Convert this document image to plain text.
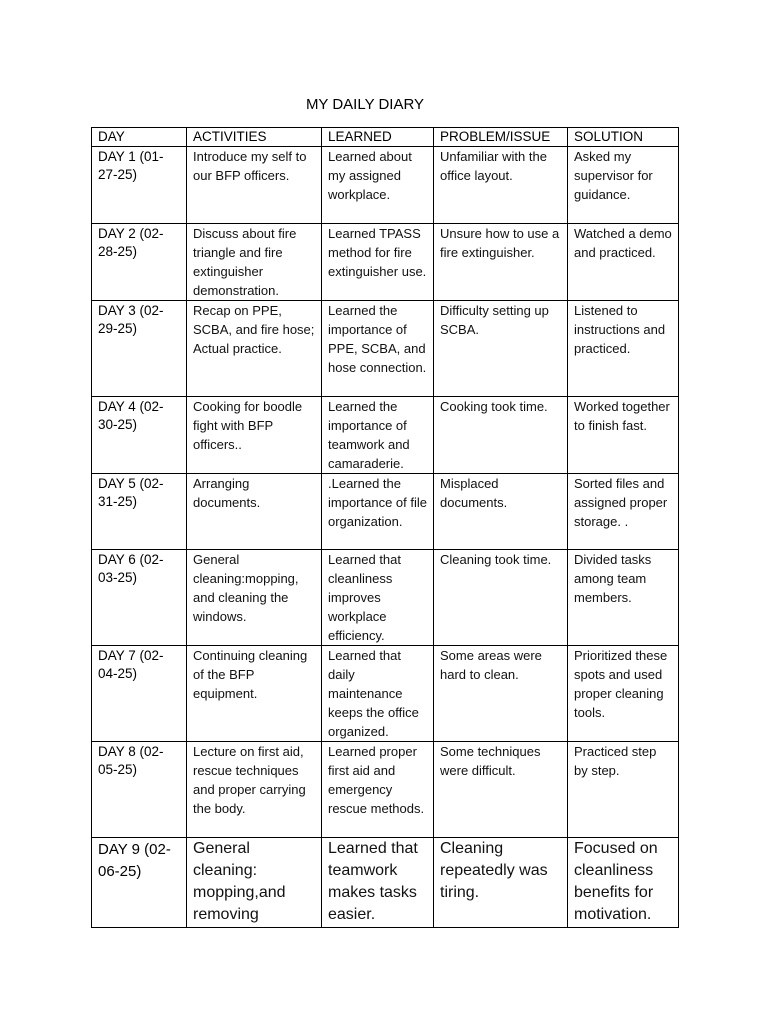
MY DAILY DIARY
DAY	ACTIVITIES	LEARNED	PROBLEM/ISSUE	SOLUTION
DAY 1 (01-27-25)	Introduce my self to our BFP officers.	Learned about my assigned workplace.	Unfamiliar with the office layout.	Asked my supervisor for guidance.
DAY 2 (02-28-25)	Discuss about fire triangle and fire extinguisher demonstration.	Learned TPASS method for fire extinguisher use.	Unsure how to use a fire extinguisher.	Watched a demo and practiced.
DAY 3 (02-29-25)	Recap on PPE, SCBA, and fire hose; Actual practice.	Learned the importance of PPE, SCBA, and hose connection.	Difficulty setting up SCBA.	Listened to instructions and practiced.
DAY 4 (02-30-25)	Cooking for boodle fight with BFP officers..	Learned the importance of teamwork and camaraderie.	Cooking took time.	Worked together to finish fast.
DAY 5 (02-31-25)	Arranging documents.	.Learned the importance of file organization.	Misplaced documents.	Sorted files and assigned proper storage. .
DAY 6 (02-03-25)	General cleaning:mopping, and cleaning the windows.	Learned that cleanliness improves workplace efficiency.	Cleaning took time.	Divided tasks among team members.
DAY 7 (02-04-25)	Continuing cleaning of the BFP equipment.	Learned that daily maintenance keeps the office organized.	Some areas were hard to clean.	Prioritized these spots and used proper cleaning tools.
DAY 8 (02-05-25)	Lecture on first aid, rescue techniques and proper carrying the body.	Learned proper first aid and emergency rescue methods.	Some techniques were difficult.	Practiced step by step.
DAY 9 (02-06-25)	General cleaning: mopping,and removing	Learned that teamwork makes tasks easier.	Cleaning repeatedly was tiring.	Focused on cleanliness benefits for motivation.
